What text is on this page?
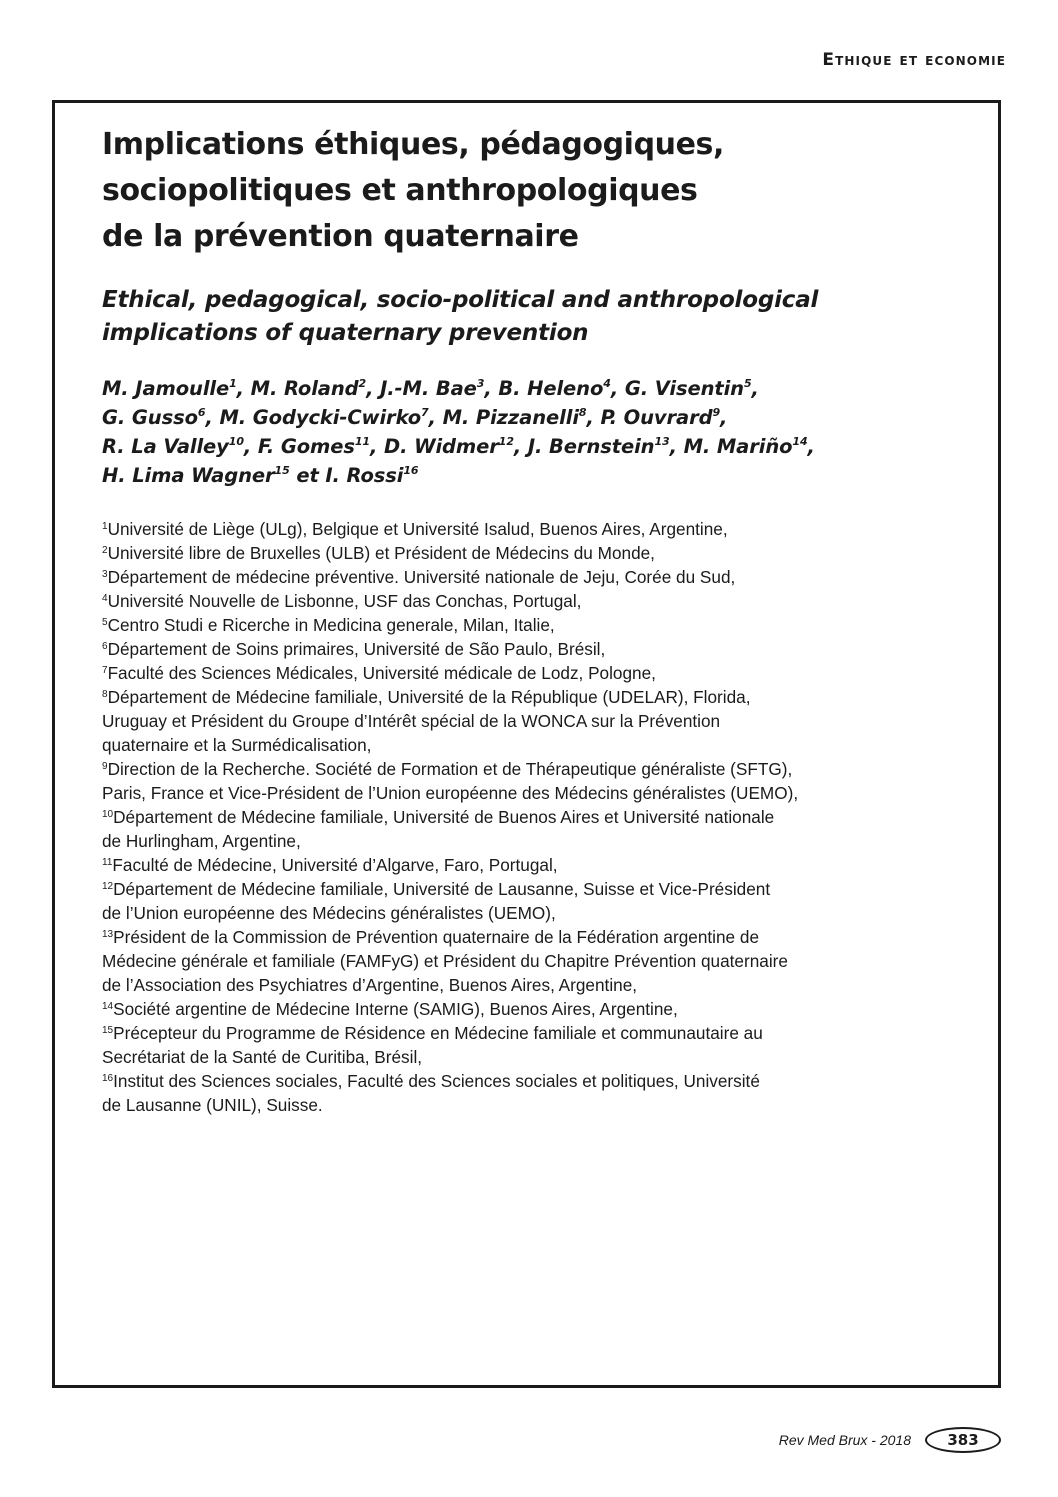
Ethique et economie
Implications éthiques, pédagogiques,
sociopolitiques et anthropologiques
de la prévention quaternaire
Ethical, pedagogical, socio-political and anthropological
implications of quaternary prevention
M. Jamoulle$^1$, M. Roland$^2$, J.-M. Bae$^3$, B. Heleno$^4$, G. Visentin$^5$,
G. Gusso$^6$, M. Godycki-Cwirko$^7$, M. Pizzanelli$^8$, P. Ouvrard$^9$,
R. La Valley$^{10}$, F. Gomes$^{11}$, D. Widmer$^{12}$, J. Bernstein$^{13}$, M. Mariño$^{14}$,
H. Lima Wagner$^{15}$ et I. Rossi$^{16}$
$^1$Université de Liège (ULg), Belgique et Université Isalud, Buenos Aires, Argentine,
$^2$Université libre de Bruxelles (ULB) et Président de Médecins du Monde,
$^3$Département de médecine préventive. Université nationale de Jeju, Corée du Sud,
$^4$Université Nouvelle de Lisbonne, USF das Conchas, Portugal,
$^5$Centro Studi e Ricerche in Medicina generale, Milan, Italie,
$^6$Département de Soins primaires, Université de São Paulo, Brésil,
$^7$Faculté des Sciences Médicales, Université médicale de Lodz, Pologne,
$^8$Département de Médecine familiale, Université de la République (UDELAR), Florida,
Uruguay et Président du Groupe d’Intérêt spécial de la WONCA sur la Prévention
quaternaire et la Surmédicalisation,
$^9$Direction de la Recherche. Société de Formation et de Thérapeutique généraliste (SFTG),
Paris, France et Vice-Président de l’Union européenne des Médecins généralistes (UEMO),
$^{10}$Département de Médecine familiale, Université de Buenos Aires et Université nationale
de Hurlingham, Argentine,
$^{11}$Faculté de Médecine, Université d’Algarve, Faro, Portugal,
$^{12}$Département de Médecine familiale, Université de Lausanne, Suisse et Vice-Président
de l’Union européenne des Médecins généralistes (UEMO),
$^{13}$Président de la Commission de Prévention quaternaire de la Fédération argentine de
Médecine générale et familiale (FAMFyG) et Président du Chapitre Prévention quaternaire
de l’Association des Psychiatres d’Argentine, Buenos Aires, Argentine,
$^{14}$Société argentine de Médecine Interne (SAMIG), Buenos Aires, Argentine,
$^{15}$Précepteur du Programme de Résidence en Médecine familiale et communautaire au
Secrétariat de la Santé de Curitiba, Brésil,
$^{16}$Institut des Sciences sociales, Faculté des Sciences sociales et politiques, Université
de Lausanne (UNIL), Suisse.
Rev Med Brux - 2018	383
